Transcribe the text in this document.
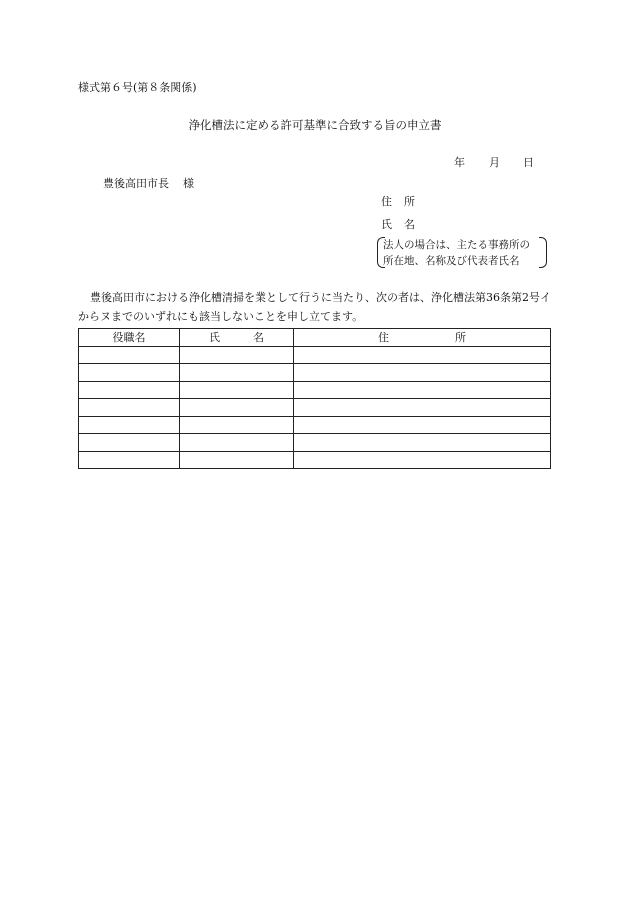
様式第６号(第８条関係)
浄化槽法に定める許可基準に合致する旨の申立書
年 月 日
豊後高田市長 様
住 所
氏 名
法人の場合は、主たる事務所の
所在地、名称及び代表者氏名

豊後高田市における浄化槽清掃を業として行うに当たり、次の者は、浄化槽法第36条第2号イからヌまでのいずれにも該当しないことを申し立てます。

役職名	氏　　　名	住　　　　　　所
